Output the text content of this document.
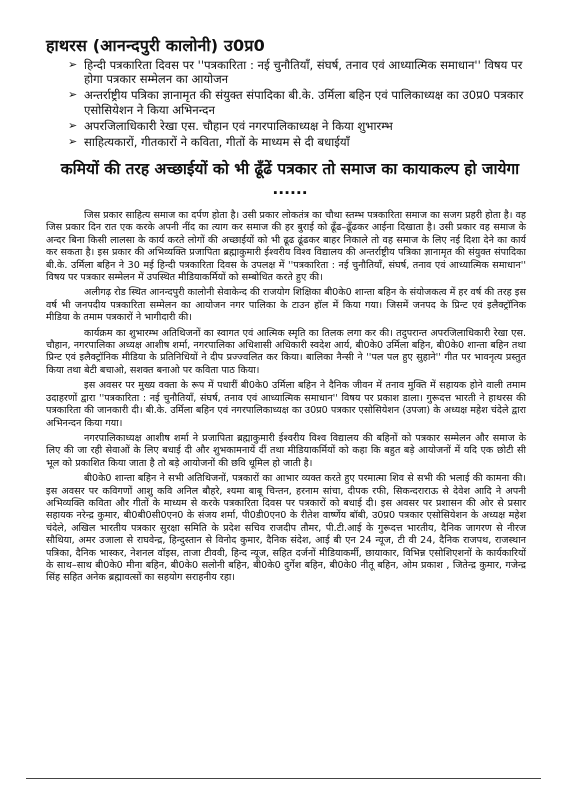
हाथरस (आनन्दपुरी कालोनी) उ0प्र0
➢ हिन्दी पत्रकारिता दिवस पर ''पत्रकारिता : नई चुनौतियाँ, संघर्ष, तनाव एवं आध्यात्मिक समाधान'' विषय पर होगा पत्रकार सम्मेलन का आयोजन
➢ अन्तर्राष्ट्रीय पत्रिका ज्ञानामृत की संयुक्त संपादिका बी.के. उर्मिला बहिन एवं पालिकाध्यक्ष का उ0प्र0 पत्रकार एसोसियेशन ने किया अभिनन्दन
➢ अपरजिलाधिकारी रेखा एस. चौहान एवं नगरपालिकाध्यक्ष ने किया शुभारम्भ
➢ साहित्यकारों, गीतकारों ने कविता, गीतों के माध्यम से दी बधाईयाँ
कमियों की तरह अच्छाईयों को भी ढूँढें पत्रकार तो समाज का कायाकल्प हो जायेगा ......

जिस प्रकार साहित्य समाज का दर्पण होता है। उसी प्रकार लोकतंत्र का चौथा स्तम्भ पत्रकारिता समाज का सजग प्रहरी होता है। वह जिस प्रकार दिन रात एक करके अपनी नींद का त्याग कर समाज की हर बुराई को ढूँढ–ढूँढकर आईना दिखाता है। उसी प्रकार वह समाज के अन्दर बिना किसी लालसा के कार्य करते लोगों की अच्छाईयों को भी ढूढ ढूंढकर बाहर निकाले तो वह समाज के लिए नई दिशा देने का कार्य कर सकता है। इस प्रकार की अभिव्यक्ति प्रजापिता ब्रह्माकुमारी ईश्वरीय विश्व विद्यालय की अन्तर्राष्ट्रीय पत्रिका ज्ञानामृत की संयुक्त संपादिका बी.के. उर्मिला बहिन ने 30 मई हिन्दी पत्रकारिता दिवस के उपलक्ष में ''पत्रकारिता : नई चुनौतियाँ, संघर्ष, तनाव एवं आध्यात्मिक समाधान'' विषय पर पत्रकार सम्मेलन में उपस्थित मीडियाकर्मियों को सम्बोधित करते हुए की।

अलीगढ़ रोड स्थित आनन्दपुरी कालोनी सेवाकेन्द की राजयोग शिक्षिका बी0के0 शान्ता बहिन के संयोजकत्व में हर वर्ष की तरह इस वर्ष भी जनपदीय पत्रकारिता सम्मेलन का आयोजन नगर पालिका के टाउन हॉल में किया गया। जिसमें जनपद के प्रिन्ट एवं इलैक्ट्रॉनिक मीडिया के तमाम पत्रकारों ने भागीदारी की।

कार्यक्रम का शुभारम्भ अतिथिजनों का स्वागत एवं आत्मिक स्मृति का तिलक लगा कर की। तदुपरान्त अपरजिलाधिकारी रेखा एस. चौहान, नगरपालिका अध्यक्ष आशीष शर्मा, नगरपालिका अधिशासी अधिकारी स्वदेश आर्य, बी0के0 उर्मिला बहिन, बी0के0 शान्ता बहिन तथा प्रिन्ट एवं इलैक्ट्रॉनिक मीडिया के प्रतिनिधियों ने दीप प्रज्ज्वलित कर किया। बालिका नैन्सी ने ''पल पल हुए सुहाने'' गीत पर भावनृत्य प्रस्तुत किया तथा बेटी बचाओ, सशक्त बनाओ पर कविता पाठ किया।

इस अवसर पर मुख्य वक्ता के रूप में पधारीं बी0के0 उर्मिला बहिन ने दैनिक जीवन में तनाव मुक्ति में सहायक होने वाली तमाम उदाहरणों द्वारा ''पत्रकारिता : नई चुनौतियाँ, संघर्ष, तनाव एवं आध्यात्मिक समाधान'' विषय पर प्रकाश डाला। गुरूदत्त भारती ने हाथरस की पत्रकारिता की जानकारी दी। बी.के. उर्मिला बहिन एवं नगरपालिकाध्यक्ष का उ0प्र0 पत्रकार एसोसियेशन (उपजा) के अध्यक्ष महेश चंदेले द्वारा अभिनन्दन किया गया।

नगरपालिकाध्यक्ष आशीष शर्मा ने प्रजापिता ब्रह्माकुमारी ईश्वरीय विश्व विद्यालय की बहिनों को पत्रकार सम्मेलन और समाज के लिए की जा रही सेवाओं के लिए बधाई दी और शुभकामनायें दीं तथा मीडियाकर्मियों को कहा कि बहुत बड़े आयोजनों में यदि एक छोटी सी भूल को प्रकाशित किया जाता है तो बड़े आयोजनों की छवि धूमिल हो जाती है।

बी0के0 शान्ता बहिन ने सभी अतिथिजनों, पत्रकारों का आभार व्यक्त करते हुए परमात्मा शिव से सभी की भलाई की कामना की। इस अवसर पर कविगणों आशु कवि अनिल बौहरे, श्यमा बाबू चिन्तन, हरनाम सांचा, दीपक रफी, सिकन्दराराऊ से देवेश आदि ने अपनी अभिव्यक्ति कविता और गीतों के माध्यम से करके पत्रकारिता दिवस पर पत्रकारों को बधाई दी। इस अवसर पर प्रशासन की ओर से प्रसार सहायक नरेन्द्र कुमार, बी0बी0सी0एन0 के संजय शर्मा, पी0डी0एन0 के रीतेश वार्ष्णेय बॉबी, उ0प्र0 पत्रकार एसोसियेशन के अध्यक्ष महेश चंदेले, अखिल भारतीय पत्रकार सुरक्षा समिति के प्रदेश सचिव राजदीप तौमर, पी.टी.आई के गुरूदत्त भारतीय, दैनिक जागरण से नीरज सौथिया, अमर उजाला से राघवेन्द्र, हिन्दुस्तान से विनोद कुमार, दैनिक संदेश, आई बी एन 24 न्यूज, टी वी 24, दैनिक राजपथ, राजस्थान पत्रिका, दैनिक भास्कर, नेशनल वॉइस, ताजा टीववी, हिन्द न्यूज, सहित दर्जनों मीडियाकर्मी, छायाकार, विभिन्न एसोशिएशनों के कार्यकारियों के साथ–साथ बी0के0 मीना बहिन, बी0के0 सलोनी बहिन, बी0के0 दुर्गेश बहिन, बी0के0 नीतू बहिन, ओम प्रकाश , जितेन्द्र कुमार, गजेन्द्र सिंह सहित अनेक ब्रह्मावत्सों का सहयोग सराहनीय रहा।
